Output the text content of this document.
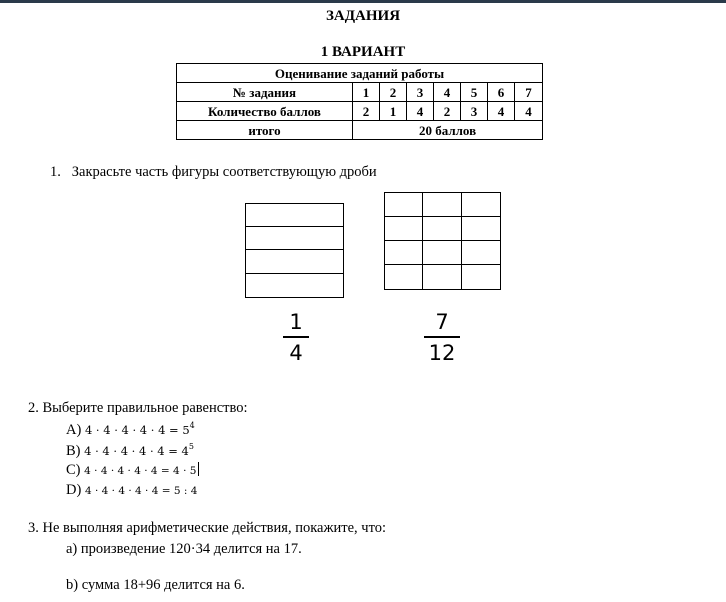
ЗАДАНИЯ
1 ВАРИАНТ
Оценивание заданий работы							
№ задания	1	2	3	4	5	6	7
Количество баллов	2	1	4	2	3	4	4
итого	20 баллов						
1.   Закрасьте часть фигуры соответствующую дроби
1
4
7
12
2. Выберите правильное равенство:
A) $4 \cdot 4 \cdot 4 \cdot 4 \cdot 4 = 5^4$
B) $4 \cdot 4 \cdot 4 \cdot 4 \cdot 4 = 4^5$
C) 4 · 4 · 4 · 4 · 4 = 4 · 5
D) 4 · 4 · 4 · 4 · 4 = 5 : 4
3. Не выполняя арифметические действия, покажите, что:
а) произведение 120·34 делится на 17.
b) сумма 18+96 делится на 6.
